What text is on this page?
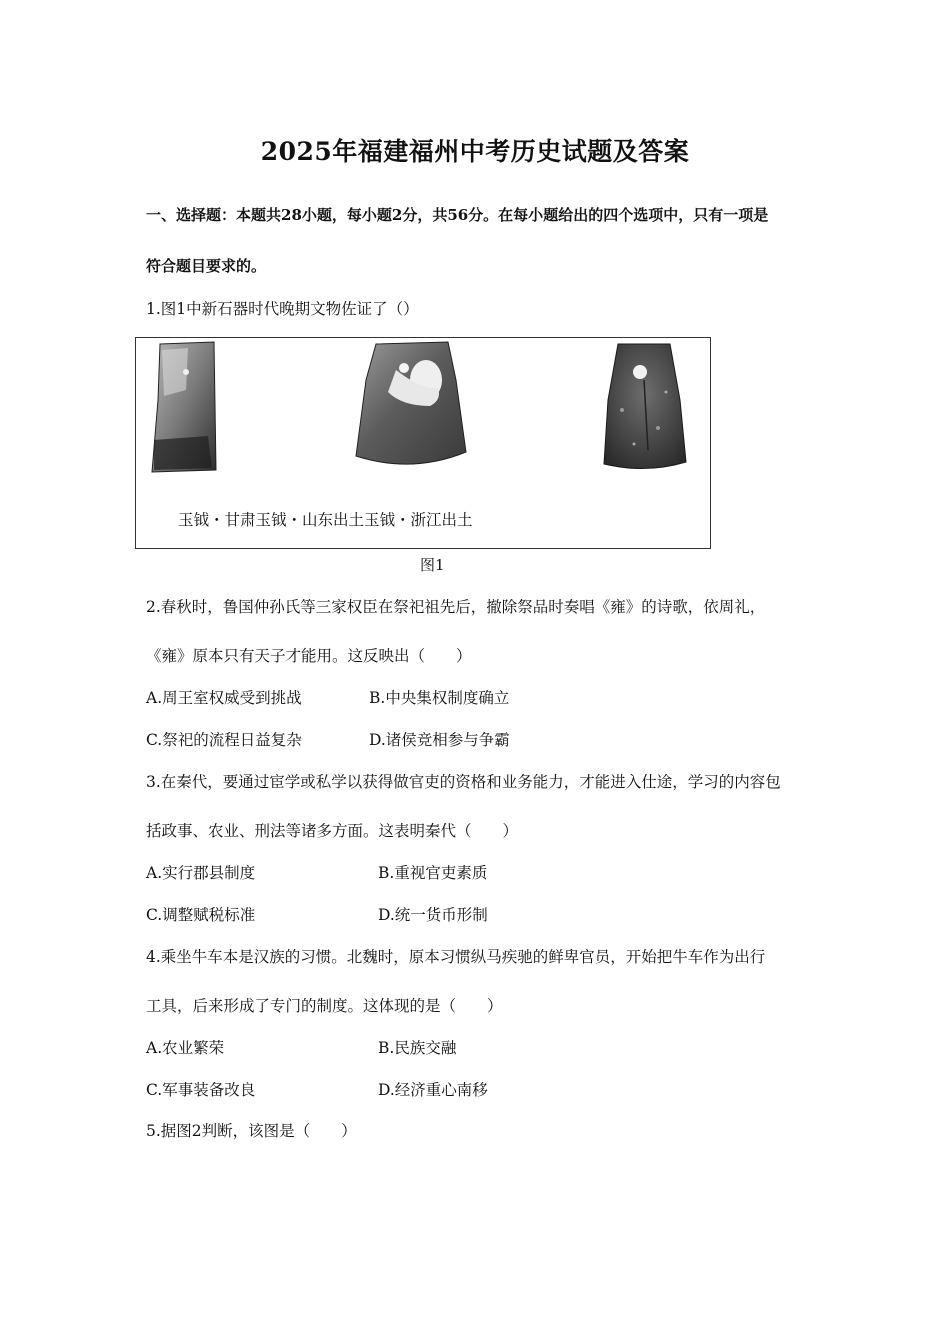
2025年福建福州中考历史试题及答案
一、选择题：本题共28小题，每小题2分，共56分。在每小题给出的四个选项中，只有一项是
符合题目要求的。
1.图1中新石器时代晚期文物佐证了（）
玉钺・甘肃玉钺・山东出土玉钺・浙江出土
图1
2.春秋时，鲁国仲孙氏等三家权臣在祭祀祖先后，撤除祭品时奏唱《雍》的诗歌，依周礼，
《雍》原本只有天子才能用。这反映出（　　）
A.周王室权威受到挑战	B.中央集权制度确立
C.祭祀的流程日益复杂	D.诸侯竞相参与争霸
3.在秦代，要通过宦学或私学以获得做官吏的资格和业务能力，才能进入仕途，学习的内容包
括政事、农业、刑法等诸多方面。这表明秦代（　　）
A.实行郡县制度	B.重视官吏素质
C.调整赋税标准	D.统一货币形制
4.乘坐牛车本是汉族的习惯。北魏时，原本习惯纵马疾驰的鲜卑官员，开始把牛车作为出行
工具，后来形成了专门的制度。这体现的是（　　）
A.农业繁荣	B.民族交融
C.军事装备改良	D.经济重心南移
5.据图2判断，该图是（　　）
